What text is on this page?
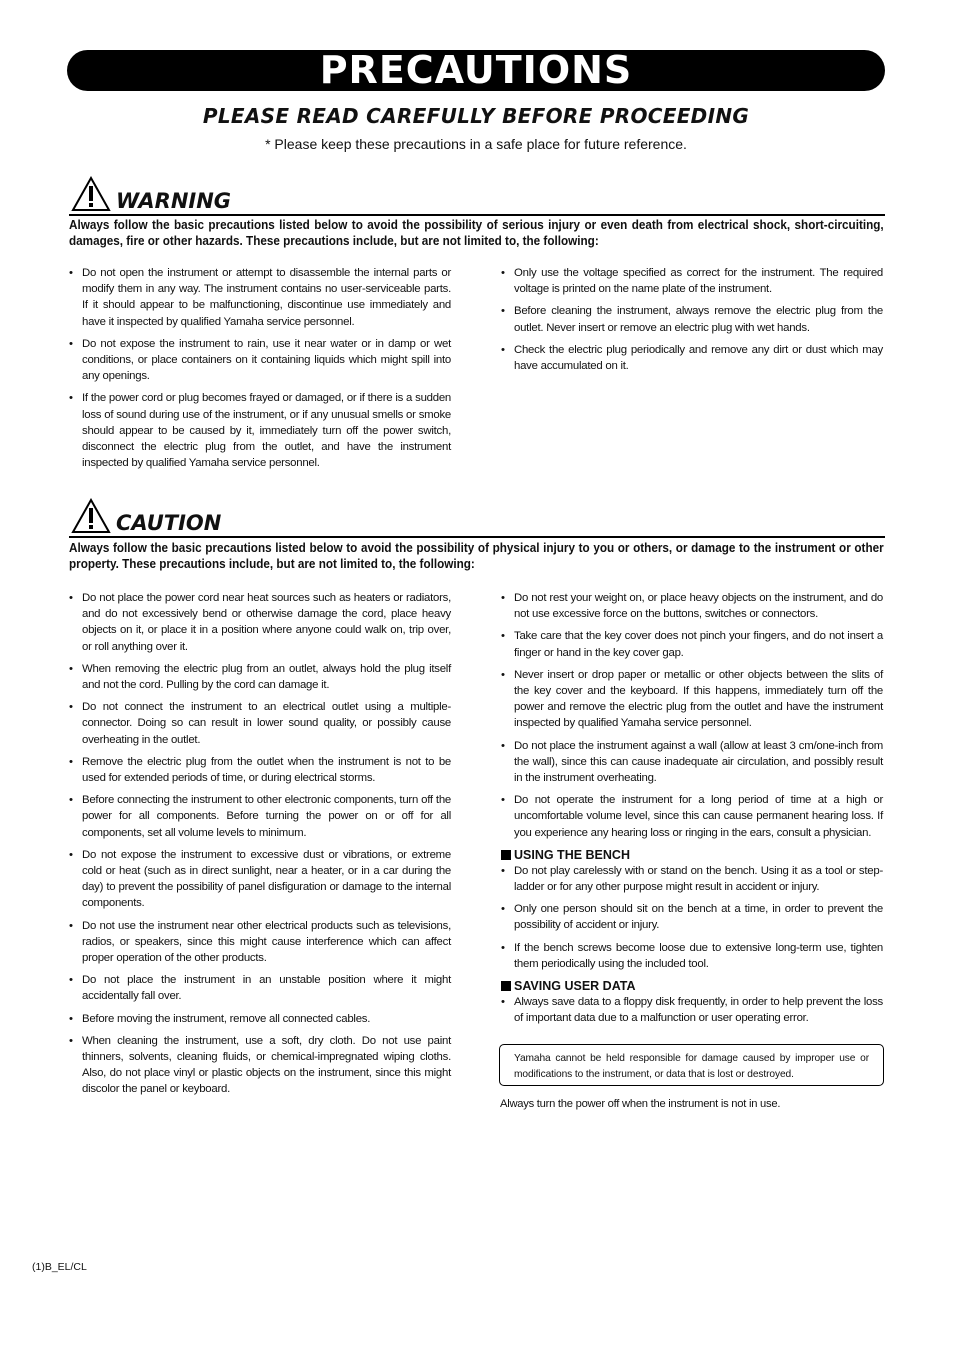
PRECAUTIONS
PLEASE READ CAREFULLY BEFORE PROCEEDING
* Please keep these precautions in a safe place for future reference.
WARNING
Always follow the basic precautions listed below to avoid the possibility of serious injury or even death from electrical shock, short-circuiting, damages, fire or other hazards. These precautions include, but are not limited to, the following:
• Do not open the instrument or attempt to disassemble the internal parts or modify them in any way. The instrument contains no user-serviceable parts. If it should appear to be malfunctioning, discontinue use immediately and have it inspected by qualified Yamaha service personnel.
• Do not expose the instrument to rain, use it near water or in damp or wet conditions, or place containers on it containing liquids which might spill into any openings.
• If the power cord or plug becomes frayed or damaged, or if there is a sudden loss of sound during use of the instrument, or if any unusual smells or smoke should appear to be caused by it, immediately turn off the power switch, disconnect the electric plug from the outlet, and have the instrument inspected by qualified Yamaha service personnel.
• Only use the voltage specified as correct for the instrument. The required voltage is printed on the name plate of the instrument.
• Before cleaning the instrument, always remove the electric plug from the outlet. Never insert or remove an electric plug with wet hands.
• Check the electric plug periodically and remove any dirt or dust which may have accumulated on it.
CAUTION
Always follow the basic precautions listed below to avoid the possibility of physical injury to you or others, or damage to the instrument or other property. These precautions include, but are not limited to, the following:
• Do not place the power cord near heat sources such as heaters or radiators, and do not excessively bend or otherwise damage the cord, place heavy objects on it, or place it in a position where anyone could walk on, trip over, or roll anything over it.
• When removing the electric plug from an outlet, always hold the plug itself and not the cord. Pulling by the cord can damage it.
• Do not connect the instrument to an electrical outlet using a multiple-connector. Doing so can result in lower sound quality, or possibly cause overheating in the outlet.
• Remove the electric plug from the outlet when the instrument is not to be used for extended periods of time, or during electrical storms.
• Before connecting the instrument to other electronic components, turn off the power for all components. Before turning the power on or off for all components, set all volume levels to minimum.
• Do not expose the instrument to excessive dust or vibrations, or extreme cold or heat (such as in direct sunlight, near a heater, or in a car during the day) to prevent the possibility of panel disfiguration or damage to the internal components.
• Do not use the instrument near other electrical products such as televisions, radios, or speakers, since this might cause interference which can affect proper operation of the other products.
• Do not place the instrument in an unstable position where it might accidentally fall over.
• Before moving the instrument, remove all connected cables.
• When cleaning the instrument, use a soft, dry cloth. Do not use paint thinners, solvents, cleaning fluids, or chemical-impregnated wiping cloths. Also, do not place vinyl or plastic objects on the instrument, since this might discolor the panel or keyboard.
• Do not rest your weight on, or place heavy objects on the instrument, and do not use excessive force on the buttons, switches or connectors.
• Take care that the key cover does not pinch your fingers, and do not insert a finger or hand in the key cover gap.
• Never insert or drop paper or metallic or other objects between the slits of the key cover and the keyboard. If this happens, immediately turn off the power and remove the electric plug from the outlet and have the instrument inspected by qualified Yamaha service personnel.
• Do not place the instrument against a wall (allow at least 3 cm/one-inch from the wall), since this can cause inadequate air circulation, and possibly result in the instrument overheating.
• Do not operate the instrument for a long period of time at a high or uncomfortable volume level, since this can cause permanent hearing loss. If you experience any hearing loss or ringing in the ears, consult a physician.
USING THE BENCH
• Do not play carelessly with or stand on the bench. Using it as a tool or step-ladder or for any other purpose might result in accident or injury.
• Only one person should sit on the bench at a time, in order to prevent the possibility of accident or injury.
• If the bench screws become loose due to extensive long-term use, tighten them periodically using the included tool.
SAVING USER DATA
• Always save data to a floppy disk frequently, in order to help prevent the loss of important data due to a malfunction or user operating error.
Yamaha cannot be held responsible for damage caused by improper use or modifications to the instrument, or data that is lost or destroyed.
Always turn the power off when the instrument is not in use.
(1)B_EL/CL
